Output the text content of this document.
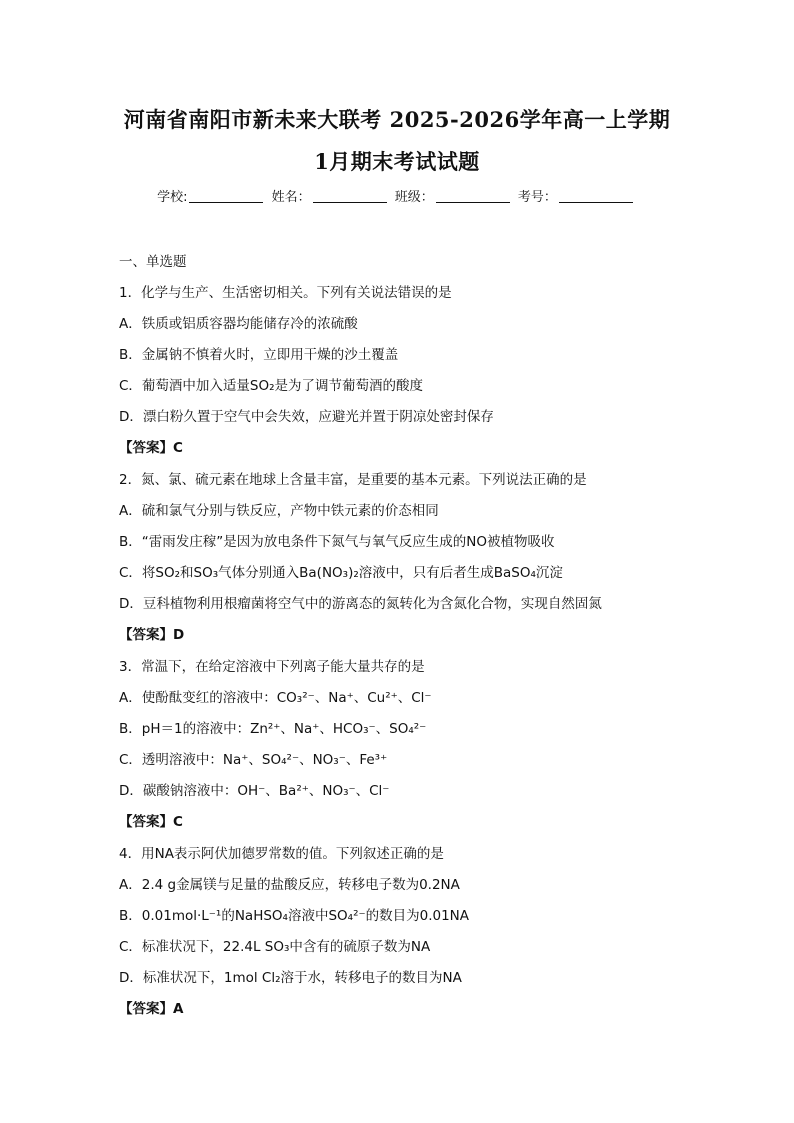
河南省南阳市新未来大联考 2025-2026学年高一上学期
1月期末考试试题
学校:	姓名：	班级：	考号：
一、单选题
1．化学与生产、生活密切相关。下列有关说法错误的是
A．铁质或铝质容器均能储存冷的浓硫酸
B．金属钠不慎着火时，立即用干燥的沙土覆盖
C．葡萄酒中加入适量SO₂是为了调节葡萄酒的酸度
D．漂白粉久置于空气中会失效，应避光并置于阴凉处密封保存
【答案】C
2．氮、氯、硫元素在地球上含量丰富，是重要的基本元素。下列说法正确的是
A．硫和氯气分别与铁反应，产物中铁元素的价态相同
B．“雷雨发庄稼”是因为放电条件下氮气与氧气反应生成的NO被植物吸收
C．将SO₂和SO₃气体分别通入Ba(NO₃)₂溶液中，只有后者生成BaSO₄沉淀
D．豆科植物利用根瘤菌将空气中的游离态的氮转化为含氮化合物，实现自然固氮
【答案】D
3．常温下，在给定溶液中下列离子能大量共存的是
A．使酚酞变红的溶液中：CO₃²⁻、Na⁺、Cu²⁺、Cl⁻
B．pH＝1的溶液中：Zn²⁺、Na⁺、HCO₃⁻、SO₄²⁻
C．透明溶液中：Na⁺、SO₄²⁻、NO₃⁻、Fe³⁺
D．碳酸钠溶液中：OH⁻、Ba²⁺、NO₃⁻、Cl⁻
【答案】C
4．用NA表示阿伏加德罗常数的值。下列叙述正确的是
A．2.4 g金属镁与足量的盐酸反应，转移电子数为0.2NA
B．0.01mol·L⁻¹的NaHSO₄溶液中SO₄²⁻的数目为0.01NA
C．标准状况下，22.4L SO₃中含有的硫原子数为NA
D．标准状况下，1mol Cl₂溶于水，转移电子的数目为NA
【答案】A
